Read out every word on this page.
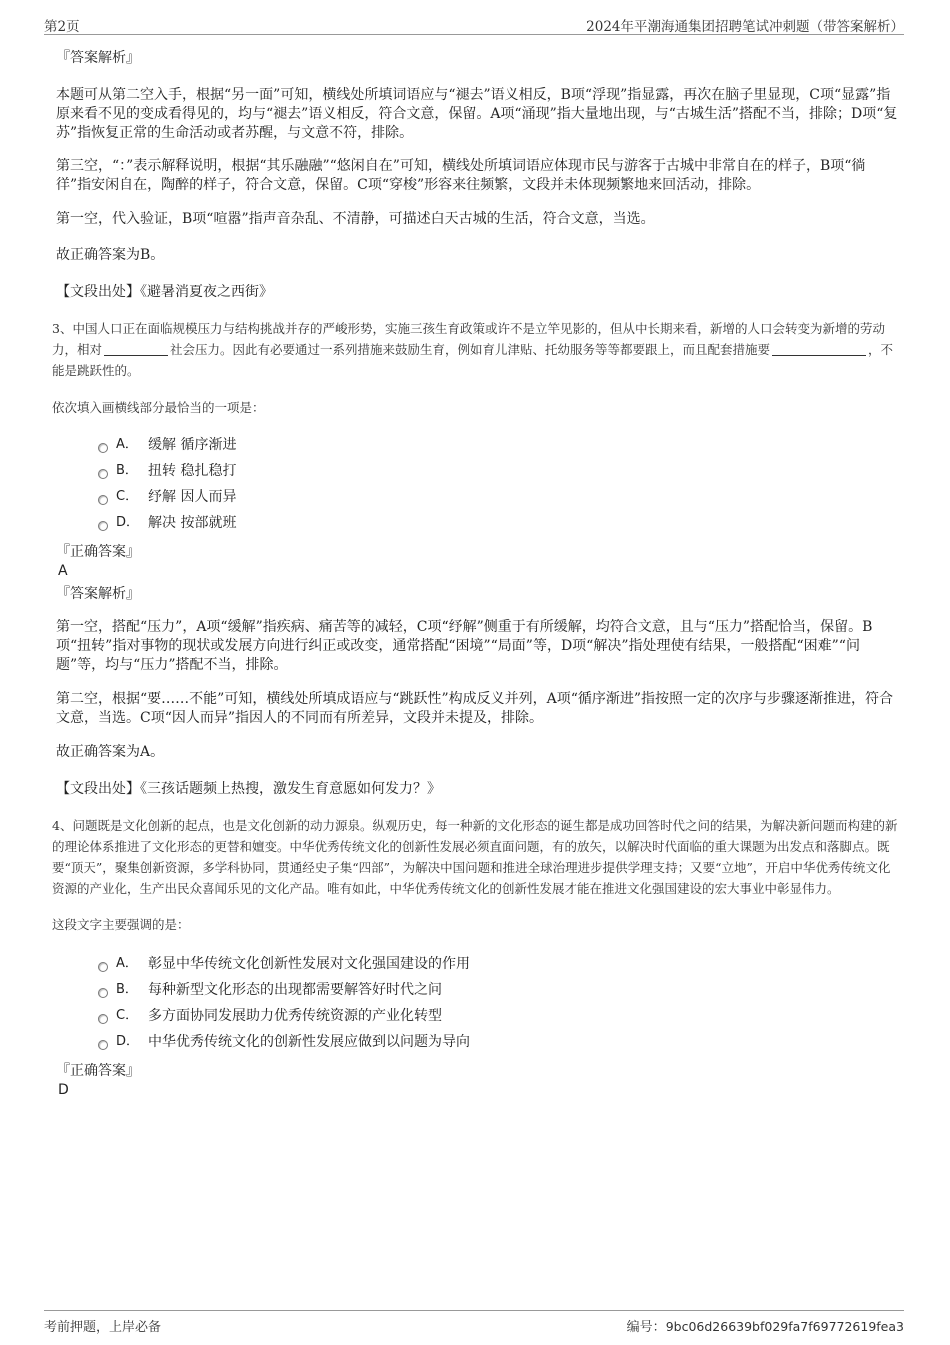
第2页	2024年平潮海通集团招聘笔试冲刺题（带答案解析）
『答案解析』

本题可从第二空入手，根据“另一面”可知，横线处所填词语应与“褪去”语义相反，B项“浮现”指显露，再次在脑子里显现，C项“显露”指原来看不见的变成看得见的，均与“褪去”语义相反，符合文意，保留。A项“涌现”指大量地出现，与“古城生活”搭配不当，排除；D项“复苏”指恢复正常的生命活动或者苏醒，与文意不符，排除。

第三空，“：”表示解释说明，根据“其乐融融”“悠闲自在”可知，横线处所填词语应体现市民与游客于古城中非常自在的样子，B项“徜徉”指安闲自在，陶醉的样子，符合文意，保留。C项“穿梭”形容来往频繁，文段并未体现频繁地来回活动，排除。

第一空，代入验证，B项“喧嚣”指声音杂乱、不清静，可描述白天古城的生活，符合文意，当选。

故正确答案为B。

【文段出处】《避暑消夏夜之西街》

3、中国人口正在面临规模压力与结构挑战并存的严峻形势，实施三孩生育政策或许不是立竿见影的，但从中长期来看，新增的人口会转变为新增的劳动力，相对	社会压力。因此有必要通过一系列措施来鼓励生育，例如育儿津贴、托幼服务等等都要跟上，而且配套措施要	，不能是跳跃性的。

依次填入画横线部分最恰当的一项是：
A． 缓解 循序渐进
B． 扭转 稳扎稳打
C． 纾解 因人而异
D． 解决 按部就班
『正确答案』
A
『答案解析』

第一空，搭配“压力”，A项“缓解”指疾病、痛苦等的减轻，C项“纾解”侧重于有所缓解，均符合文意，且与“压力”搭配恰当，保留。B项“扭转”指对事物的现状或发展方向进行纠正或改变，通常搭配“困境”“局面”等，D项“解决”指处理使有结果，一般搭配“困难”“问题”等，均与“压力”搭配不当，排除。

第二空，根据“要……不能”可知，横线处所填成语应与“跳跃性”构成反义并列，A项“循序渐进”指按照一定的次序与步骤逐渐推进，符合文意，当选。C项“因人而异”指因人的不同而有所差异，文段并未提及，排除。

故正确答案为A。

【文段出处】《三孩话题频上热搜，激发生育意愿如何发力？》

4、问题既是文化创新的起点，也是文化创新的动力源泉。纵观历史，每一种新的文化形态的诞生都是成功回答时代之问的结果，为解决新问题而构建的新的理论体系推进了文化形态的更替和嬗变。中华优秀传统文化的创新性发展必须直面问题，有的放矢，以解决时代面临的重大课题为出发点和落脚点。既要“顶天”，聚集创新资源，多学科协同，贯通经史子集“四部”，为解决中国问题和推进全球治理进步提供学理支持；又要“立地”，开启中华优秀传统文化资源的产业化，生产出民众喜闻乐见的文化产品。唯有如此，中华优秀传统文化的创新性发展才能在推进文化强国建设的宏大事业中彰显伟力。

这段文字主要强调的是：
A． 彰显中华传统文化创新性发展对文化强国建设的作用
B． 每种新型文化形态的出现都需要解答好时代之问
C． 多方面协同发展助力优秀传统资源的产业化转型
D． 中华优秀传统文化的创新性发展应做到以问题为导向
『正确答案』
D
考前押题，上岸必备	编号：9bc06d26639bf029fa7f69772619fea3
